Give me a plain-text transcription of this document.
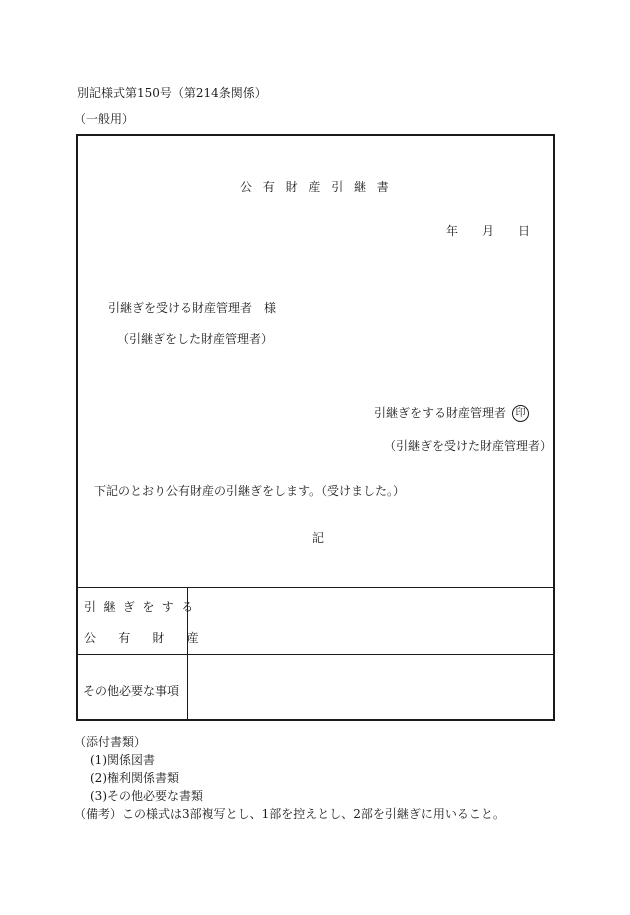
別記様式第150号（第214条関係）
（一般用）
公有財産引継書
年 月 日
引継ぎを受ける財産管理者　様
（引継ぎをした財産管理者）
引継ぎをする財産管理者 印
（引継ぎを受けた財産管理者）
下記のとおり公有財産の引継ぎをします。（受けました。）
記
引継ぎをする
公有財産
その他必要な事項
（添付書類）
(1)関係図書
(2)権利関係書類
(3)その他必要な書類
（備考）この様式は3部複写とし、1部を控えとし、2部を引継ぎに用いること。
